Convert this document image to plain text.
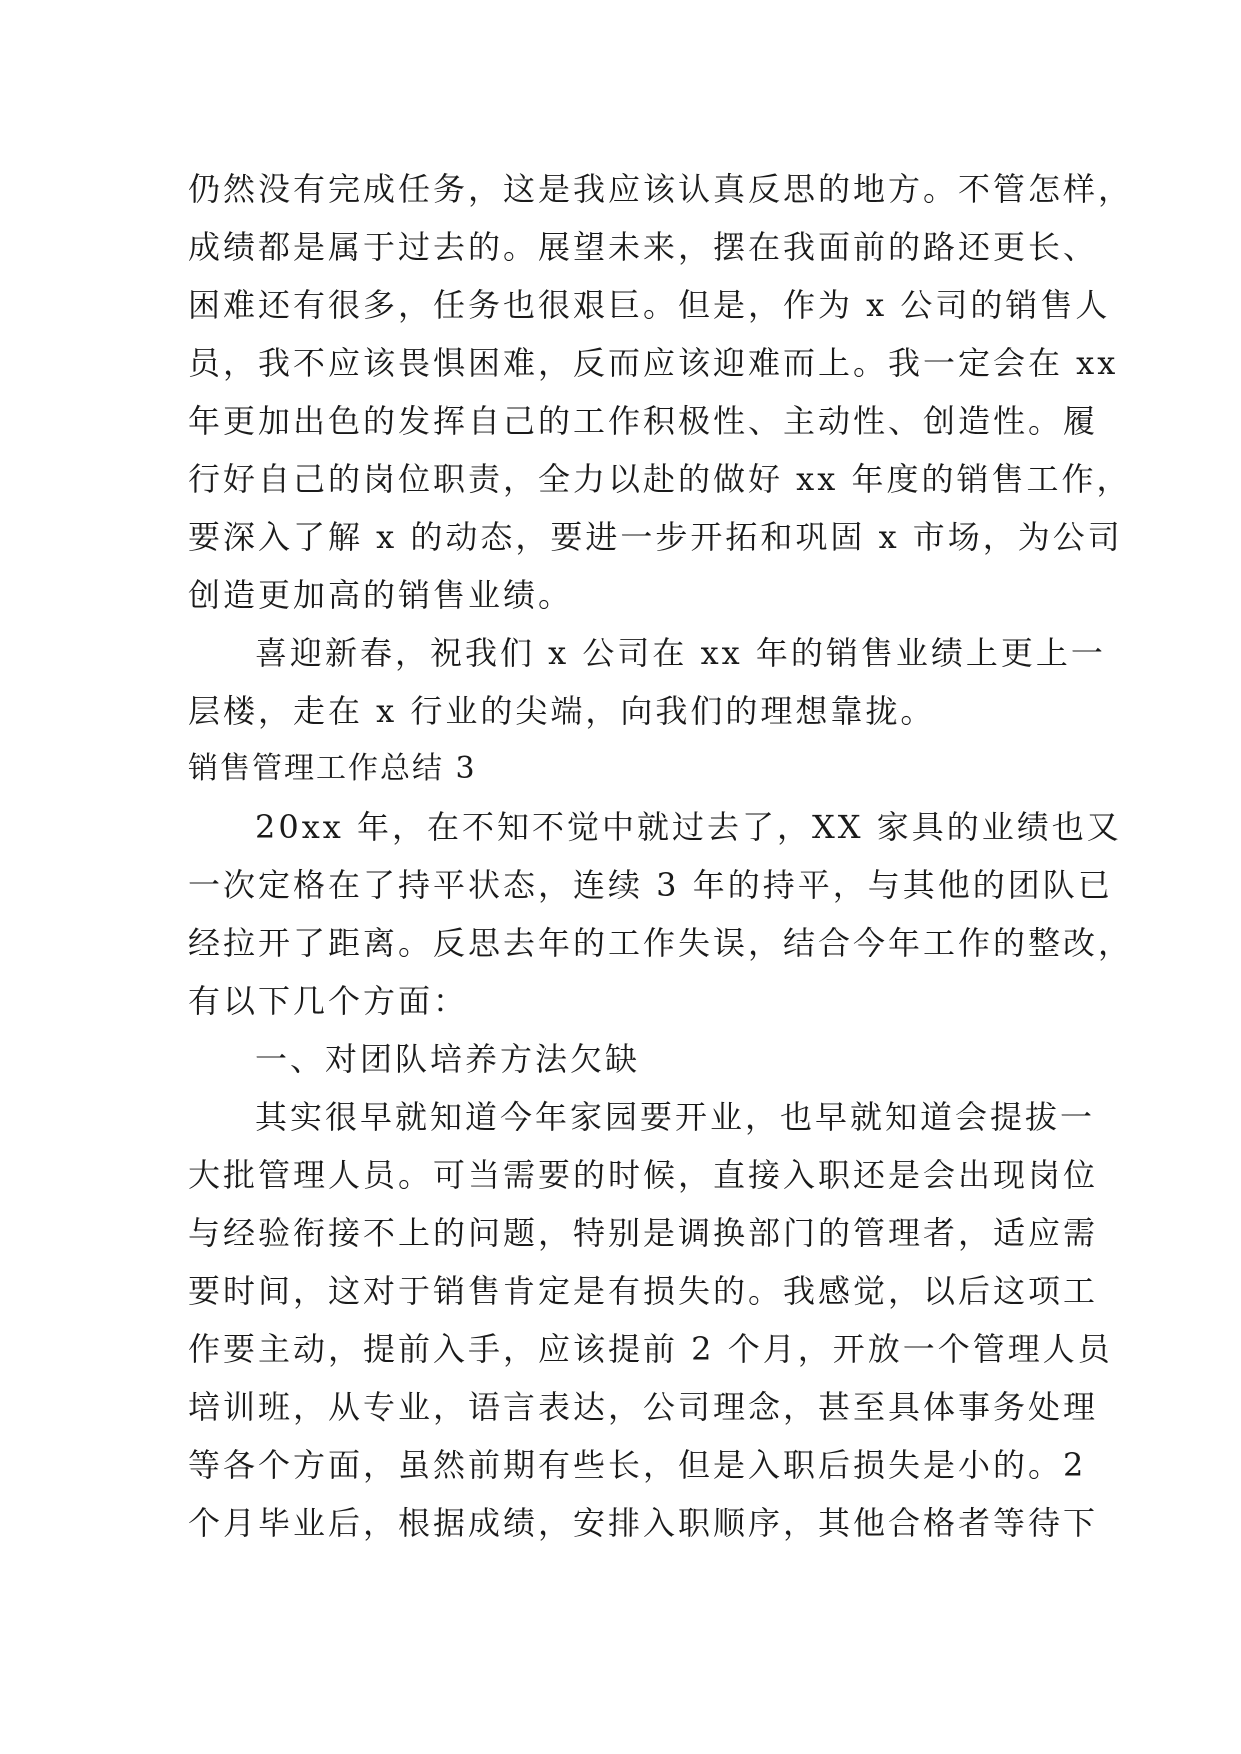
仍然没有完成任务，这是我应该认真反思的地方。不管怎样，
成绩都是属于过去的。展望未来，摆在我面前的路还更长、
困难还有很多，任务也很艰巨。但是，作为 x 公司的销售人
员，我不应该畏惧困难，反而应该迎难而上。我一定会在 xx
年更加出色的发挥自己的工作积极性、主动性、创造性。履
行好自己的岗位职责，全力以赴的做好 xx 年度的销售工作，
要深入了解 x 的动态，要进一步开拓和巩固 x 市场，为公司
创造更加高的销售业绩。
喜迎新春，祝我们 x 公司在 xx 年的销售业绩上更上一
层楼，走在 x 行业的尖端，向我们的理想靠拢。
销售管理工作总结 3
20xx 年，在不知不觉中就过去了，XX 家具的业绩也又
一次定格在了持平状态，连续 3 年的持平，与其他的团队已
经拉开了距离。反思去年的工作失误，结合今年工作的整改，
有以下几个方面：
一、对团队培养方法欠缺
其实很早就知道今年家园要开业，也早就知道会提拔一
大批管理人员。可当需要的时候，直接入职还是会出现岗位
与经验衔接不上的问题，特别是调换部门的管理者，适应需
要时间，这对于销售肯定是有损失的。我感觉，以后这项工
作要主动，提前入手，应该提前 2 个月，开放一个管理人员
培训班，从专业，语言表达，公司理念，甚至具体事务处理
等各个方面，虽然前期有些长，但是入职后损失是小的。2
个月毕业后，根据成绩，安排入职顺序，其他合格者等待下
